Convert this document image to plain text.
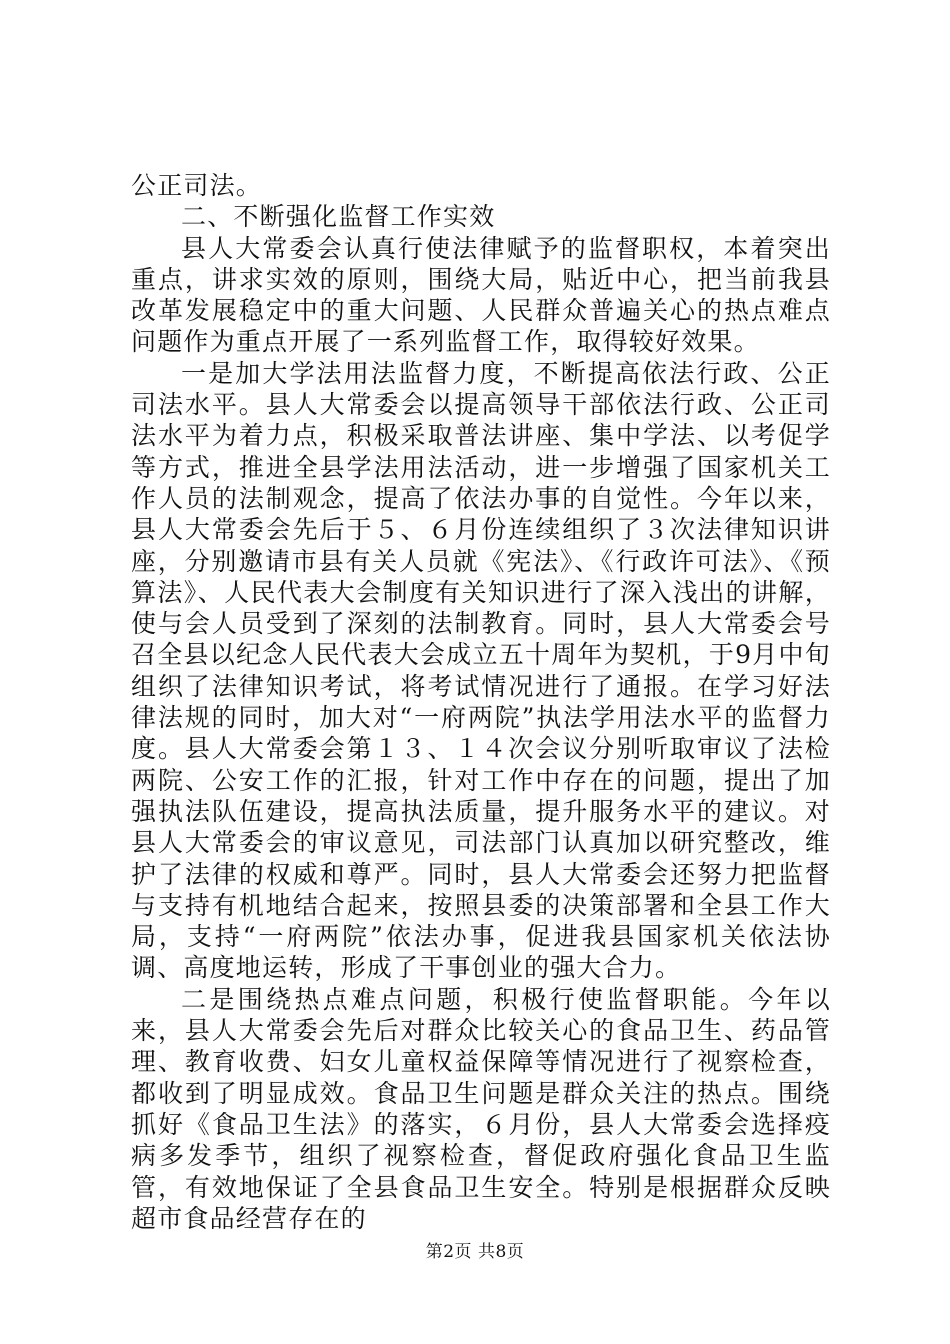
公正司法。

二、不断强化监督工作实效

县人大常委会认真行使法律赋予的监督职权，本着突出重点，讲求实效的原则，围绕大局，贴近中心，把当前我县改革发展稳定中的重大问题、人民群众普遍关心的热点难点问题作为重点开展了一系列监督工作，取得较好效果。

一是加大学法用法监督力度，不断提高依法行政、公正司法水平。县人大常委会以提高领导干部依法行政、公正司法水平为着力点，积极采取普法讲座、集中学法、以考促学等方式，推进全县学法用法活动，进一步增强了国家机关工作人员的法制观念，提高了依法办事的自觉性。今年以来，县人大常委会先后于５、６月份连续组织了３次法律知识讲座，分别邀请市县有关人员就《宪法》、《行政许可法》、《预算法》、人民代表大会制度有关知识进行了深入浅出的讲解，使与会人员受到了深刻的法制教育。同时，县人大常委会号召全县以纪念人民代表大会成立五十周年为契机，于9月中旬组织了法律知识考试，将考试情况进行了通报。在学习好法律法规的同时，加大对“一府两院”执法学用法水平的监督力度。县人大常委会第１３、１４次会议分别听取审议了法检两院、公安工作的汇报，针对工作中存在的问题，提出了加强执法队伍建设，提高执法质量，提升服务水平的建议。对县人大常委会的审议意见，司法部门认真加以研究整改，维护了法律的权威和尊严。同时，县人大常委会还努力把监督与支持有机地结合起来，按照县委的决策部署和全县工作大局，支持“一府两院”依法办事，促进我县国家机关依法协调、高度地运转，形成了干事创业的强大合力。

二是围绕热点难点问题，积极行使监督职能。今年以来，县人大常委会先后对群众比较关心的食品卫生、药品管理、教育收费、妇女儿童权益保障等情况进行了视察检查，都收到了明显成效。食品卫生问题是群众关注的热点。围绕抓好《食品卫生法》的落实，６月份，县人大常委会选择疫病多发季节，组织了视察检查，督促政府强化食品卫生监管，有效地保证了全县食品卫生安全。特别是根据群众反映超市食品经营存在的

第2页 共8页
